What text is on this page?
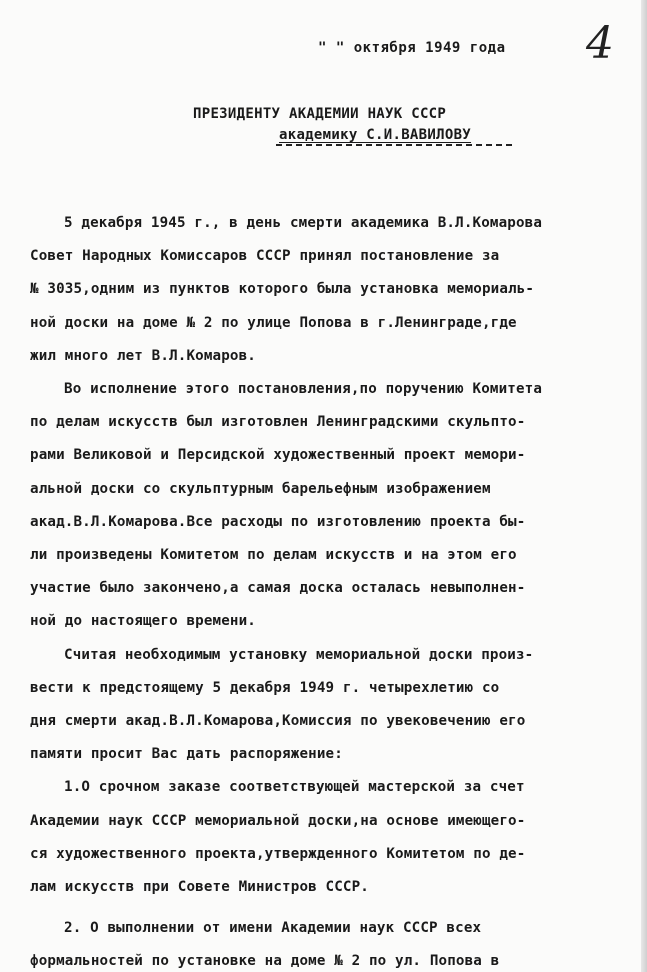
" " октября 1949 года 4
ПРЕЗИДЕНТУ АКАДЕМИИ НАУК СССР
академику С.И.ВАВИЛОВУ
5 декабря 1945 г., в день смерти академика В.Л.Комарова
Совет Народных Комиссаров СССР принял постановление за
№ 3035,одним из пунктов которого была установка мемориаль-
ной доски на доме № 2 по улице Попова в г.Ленинграде,где
жил много лет В.Л.Комаров.
Во исполнение этого постановления,по поручению Комитета
по делам искусств был изготовлен Ленинградскими скульпто-
рами Великовой и Персидской художественный проект мемори-
альной доски со скульптурным барельефным изображением
акад.В.Л.Комарова.Все расходы по изготовлению проекта бы-
ли произведены Комитетом по делам искусств и на этом его
участие было закончено,а самая доска осталась невыполнен-
ной до настоящего времени.
Считая необходимым установку мемориальной доски произ-
вести к предстоящему 5 декабря 1949 г. четырехлетию со
дня смерти акад.В.Л.Комарова,Комиссия по увековечению его
памяти просит Вас дать распоряжение:
1.О срочном заказе соответствующей мастерской за счет
Академии наук СССР мемориальной доски,на основе имеющего-
ся художественного проекта,утвержденного Комитетом по де-
лам искусств при Совете Министров СССР.
2. О выполнении от имени Академии наук СССР всех
формальностей по установке на доме № 2 по ул. Попова в
